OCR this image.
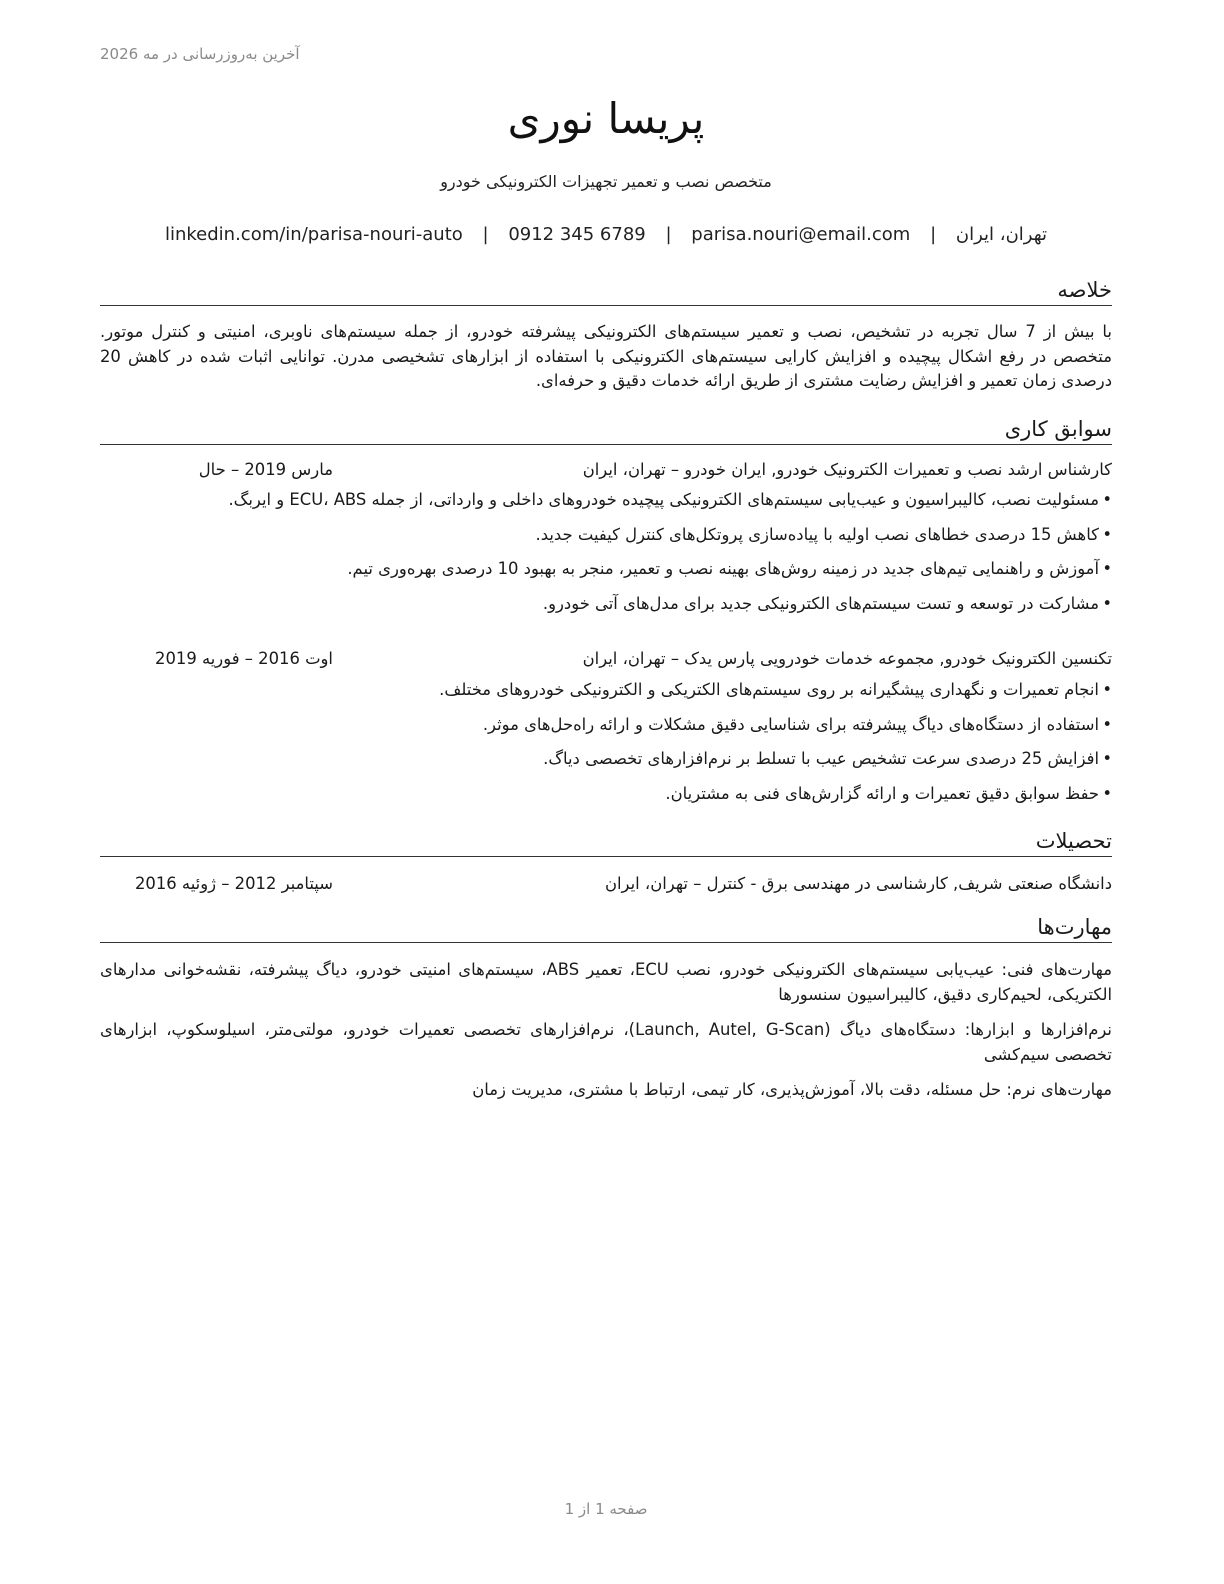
آخرین به‌روزرسانی در مه 2026
پریسا نوری
متخصص نصب و تعمیر تجهیزات الکترونیکی خودرو
تهران، ایران | parisa.nouri@email.com | 0912 345 6789 | linkedin.com/in/parisa-nouri-auto
خلاصه
با بیش از 7 سال تجربه در تشخیص، نصب و تعمیر سیستم‌های الکترونیکی پیشرفته خودرو، از جمله سیستم‌های ناوبری، امنیتی و کنترل موتور. متخصص در رفع اشکال پیچیده و افزایش کارایی سیستم‌های الکترونیکی با استفاده از ابزارهای تشخیصی مدرن. توانایی اثبات شده در کاهش 20 درصدی زمان تعمیر و افزایش رضایت مشتری از طریق ارائه خدمات دقیق و حرفه‌ای.
سوابق کاری
کارشناس ارشد نصب و تعمیرات الکترونیک خودرو, ایران خودرو – تهران، ایران
مارس 2019 – حال
•مسئولیت نصب، کالیبراسیون و عیب‌یابی سیستم‌های الکترونیکی پیچیده خودروهای داخلی و وارداتی، از جمله ECU، ABS و ایربگ.
•کاهش 15 درصدی خطاهای نصب اولیه با پیاده‌سازی پروتکل‌های کنترل کیفیت جدید.
•آموزش و راهنمایی تیم‌های جدید در زمینه روش‌های بهینه نصب و تعمیر، منجر به بهبود 10 درصدی بهره‌وری تیم.
•مشارکت در توسعه و تست سیستم‌های الکترونیکی جدید برای مدل‌های آتی خودرو.
تکنسین الکترونیک خودرو, مجموعه خدمات خودرویی پارس یدک – تهران، ایران
اوت 2016 – فوریه 2019
•انجام تعمیرات و نگهداری پیشگیرانه بر روی سیستم‌های الکتریکی و الکترونیکی خودروهای مختلف.
•استفاده از دستگاه‌های دیاگ پیشرفته برای شناسایی دقیق مشکلات و ارائه راه‌حل‌های موثر.
•افزایش 25 درصدی سرعت تشخیص عیب با تسلط بر نرم‌افزارهای تخصصی دیاگ.
•حفظ سوابق دقیق تعمیرات و ارائه گزارش‌های فنی به مشتریان.
تحصیلات
دانشگاه صنعتی شریف, کارشناسی در مهندسی برق - کنترل – تهران، ایران
سپتامبر 2012 – ژوئیه 2016
مهارت‌ها
مهارت‌های فنی: عیب‌یابی سیستم‌های الکترونیکی خودرو، نصب ECU، تعمیر ABS، سیستم‌های امنیتی خودرو، دیاگ پیشرفته، نقشه‌خوانی مدارهای الکتریکی، لحیم‌کاری دقیق، کالیبراسیون سنسورها
نرم‌افزارها و ابزارها: دستگاه‌های دیاگ (Launch, Autel, G-Scan)، نرم‌افزارهای تخصصی تعمیرات خودرو، مولتی‌متر، اسیلوسکوپ، ابزارهای تخصصی سیم‌کشی
مهارت‌های نرم: حل مسئله، دقت بالا، آموزش‌پذیری، کار تیمی، ارتباط با مشتری، مدیریت زمان
صفحه 1 از 1
